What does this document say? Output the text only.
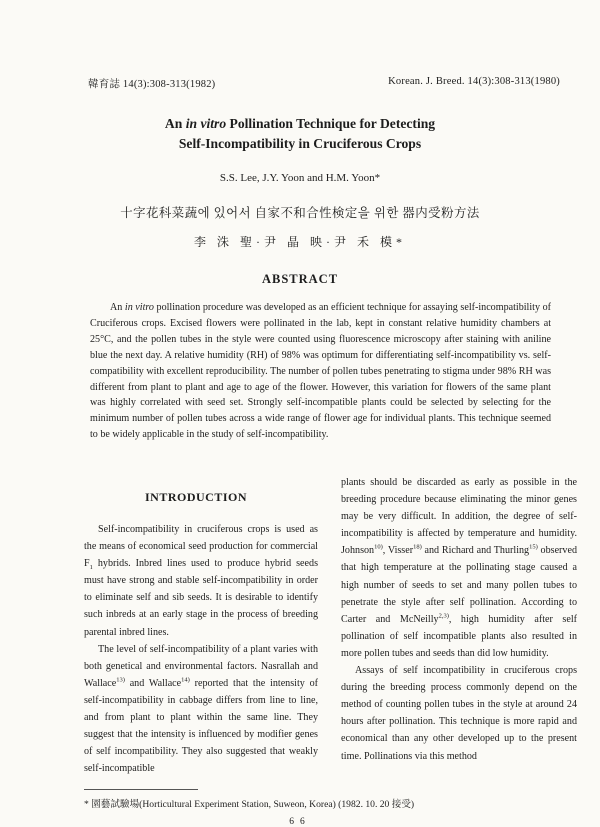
韓育誌 14(3):308-313(1982)	Korean. J. Breed. 14(3):308-313(1980)
An in vitro Pollination Technique for Detecting
Self-Incompatibility in Cruciferous Crops
S.S. Lee, J.Y. Yoon and H.M. Yoon*
十字花科菜蔬에 있어서 自家不和合性検定을 위한 器内受粉方法
李 洙 聖·尹 晶 映·尹 禾 模*
ABSTRACT

An in vitro pollination procedure was developed as an efficient technique for assaying self-incompatibility of Cruciferous crops. Excised flowers were pollinated in the lab, kept in constant relative humidity chambers at 25°C, and the pollen tubes in the style were counted using fluorescence microscopy after staining with aniline blue the next day. A relative humidity (RH) of 98% was optimum for differentiating self-incompatibility vs. self-compatibility with excellent reproducibility. The number of pollen tubes penetrating to stigma under 98% RH was different from plant to plant and age to age of the flower. However, this variation for flowers of the same plant was highly correlated with seed set. Strongly self-incompatible plants could be selected by selecting for the minimum number of pollen tubes across a wide range of flower age for individual plants. This technique seemed to be widely applicable in the study of self-incompatibility.

INTRODUCTION

Self-incompatibility in cruciferous crops is used as the means of economical seed production for commercial $F_1$ hybrids. Inbred lines used to produce hybrid seeds must have strong and stable self-incompatibility in order to eliminate self and sib seeds. It is desirable to identify such inbreds at an early stage in the process of breeding parental inbred lines.

The level of self-incompatibility of a plant varies with both genetical and environmental factors. Nasrallah and Wallace$^{13)}$ and Wallace$^{14)}$ reported that the intensity of self-incompatibility in cabbage differs from line to line, and from plant to plant within the same line. They suggest that the intensity is influenced by modifier genes of self incompatibility. They also suggested that weakly self-incompatible

plants should be discarded as early as possible in the breeding procedure because eliminating the minor genes may be very difficult. In addition, the degree of self-incompatibility is affected by temperature and humidity. Johnson$^{10)}$, Visser$^{18)}$ and Richard and Thurling$^{15)}$ observed that high temperature at the pollinating stage caused a high number of seeds to set and many pollen tubes to penetrate the style after self pollination. According to Carter and McNeilly$^{2,3)}$, high humidity after self pollination of self incompatible plants also resulted in more pollen tubes and seeds than did low humidity.

Assays of self incompatibility in cruciferous crops during the breeding process commonly depend on the method of counting pollen tubes in the style at around 24 hours after pollination. This technique is more rapid and economical than any other developed up to the present time. Pollinations via this method

* 園藝試驗場(Horticultural Experiment Station, Suweon, Korea) (1982. 10. 20 接受)
66
